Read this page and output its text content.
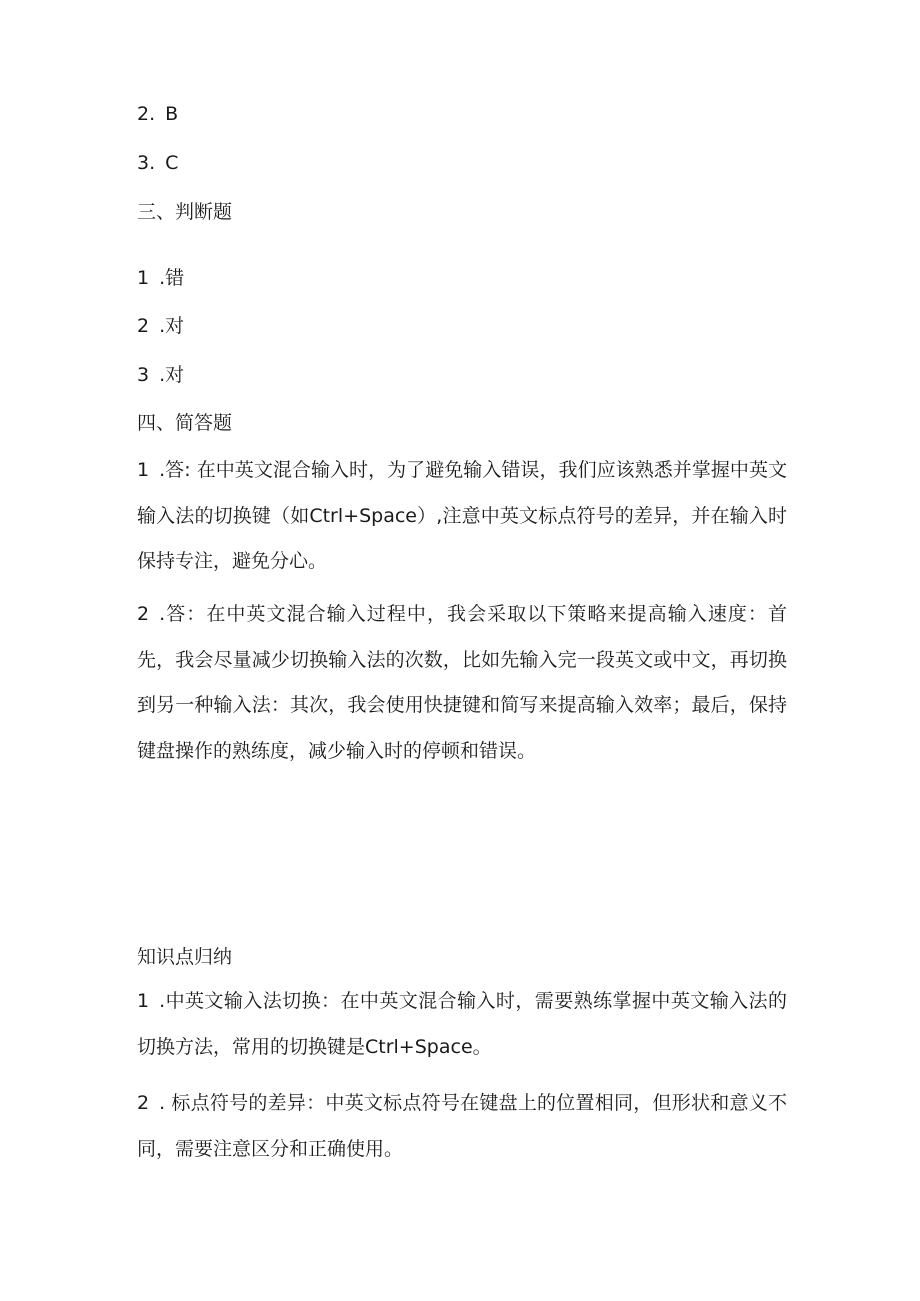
2. B
3. C
三、判断题
1 .错
2 .对
3 .对
四、简答题
1 .答: 在中英文混合输入时，为了避免输入错误，我们应该熟悉并掌握中英文输入法的切换键（如Ctrl+Space）,注意中英文标点符号的差异，并在输入时保持专注，避免分心。
2 .答：在中英文混合输入过程中，我会采取以下策略来提高输入速度：首先，我会尽量减少切换输入法的次数，比如先输入完一段英文或中文，再切换到另一种输入法：其次，我会使用快捷键和简写来提高输入效率；最后，保持键盘操作的熟练度，减少输入时的停顿和错误。
知识点归纳
1 .中英文输入法切换：在中英文混合输入时，需要熟练掌握中英文输入法的切换方法，常用的切换键是Ctrl+Space。
2 . 标点符号的差异：中英文标点符号在键盘上的位置相同，但形状和意义不同，需要注意区分和正确使用。
